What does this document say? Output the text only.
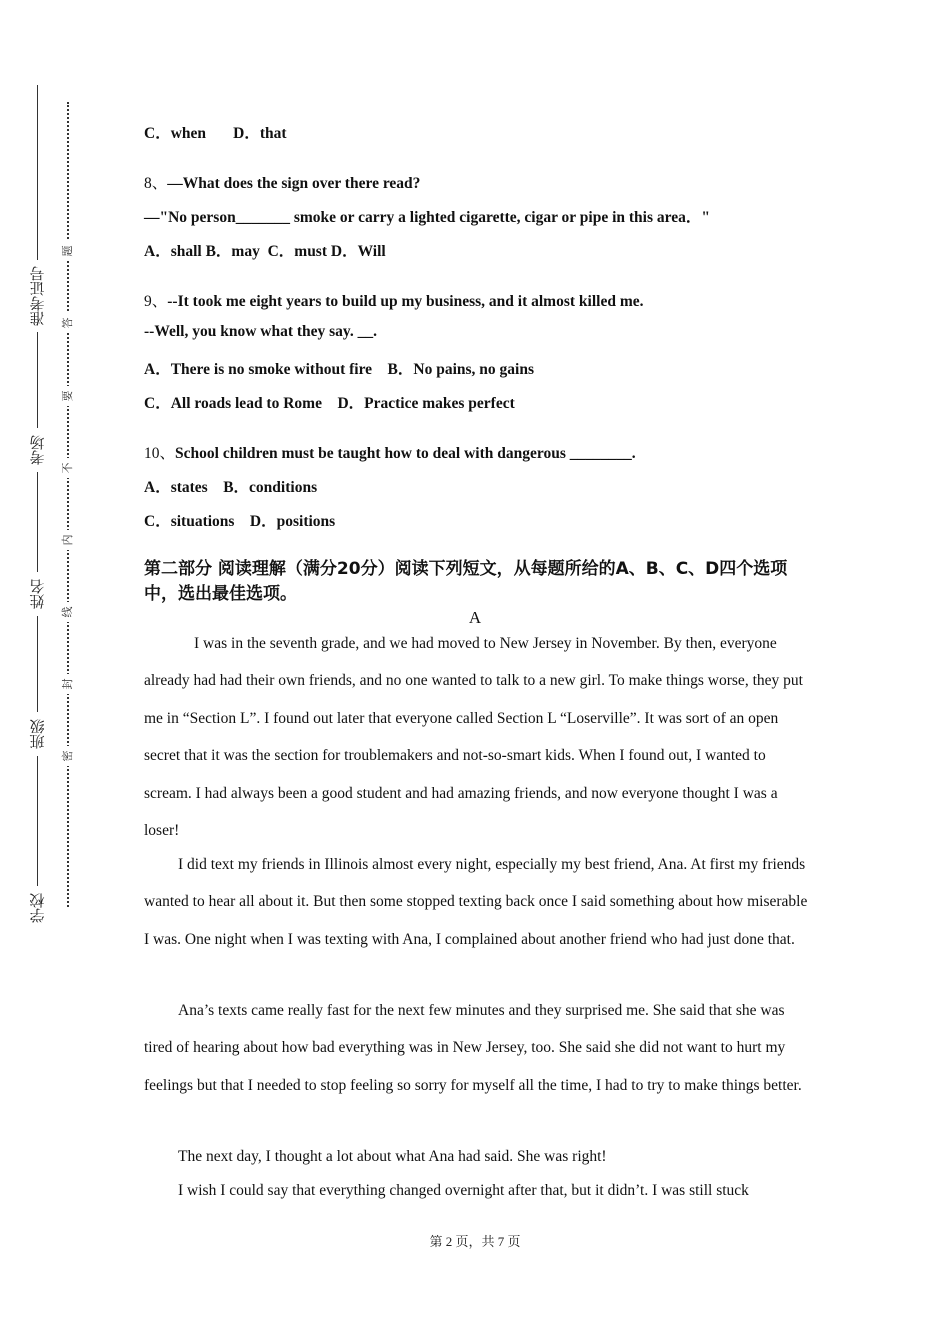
准考证号
考场
姓名
班级
学校
题
答
要
不
内
线
封
密
C．when       D．that
8、—What does the sign over there read?
—"No person_______ smoke or carry a lighted cigarette, cigar or pipe in this area．"
A．shall B．may  C．must D．Will
9、--It took me eight years to build up my business, and it almost killed me.
--Well, you know what they say. __.
A．There is no smoke without fire    B．No pains, no gains
C．All roads lead to Rome    D．Practice makes perfect
10、School children must be taught how to deal with dangerous ________.
A．states    B．conditions
C．situations    D．positions
第二部分 阅读理解（满分20分）阅读下列短文，从每题所给的A、B、C、D四个选项中，选出最佳选项。
A

I was in the seventh grade, and we had moved to New Jersey in November. By then, everyone already had had their own friends, and no one wanted to talk to a new girl. To make things worse, they put me in “Section L”. I found out later that everyone called Section L “Loserville”. It was sort of an open secret that it was the section for troublemakers and not-so-smart kids. When I found out, I wanted to scream. I had always been a good student and had amazing friends, and now everyone thought I was a loser!

I did text my friends in Illinois almost every night, especially my best friend, Ana. At first my friends wanted to hear all about it. But then some stopped texting back once I said something about how miserable I was. One night when I was texting with Ana, I complained about another friend who had just done that.

Ana’s texts came really fast for the next few minutes and they surprised me. She said that she was tired of hearing about how bad everything was in New Jersey, too. She said she did not want to hurt my feelings but that I needed to stop feeling so sorry for myself all the time, I had to try to make things better.

The next day, I thought a lot about what Ana had said. She was right!

I wish I could say that everything changed overnight after that, but it didn’t. I was still stuck

第 2 页，共 7 页
